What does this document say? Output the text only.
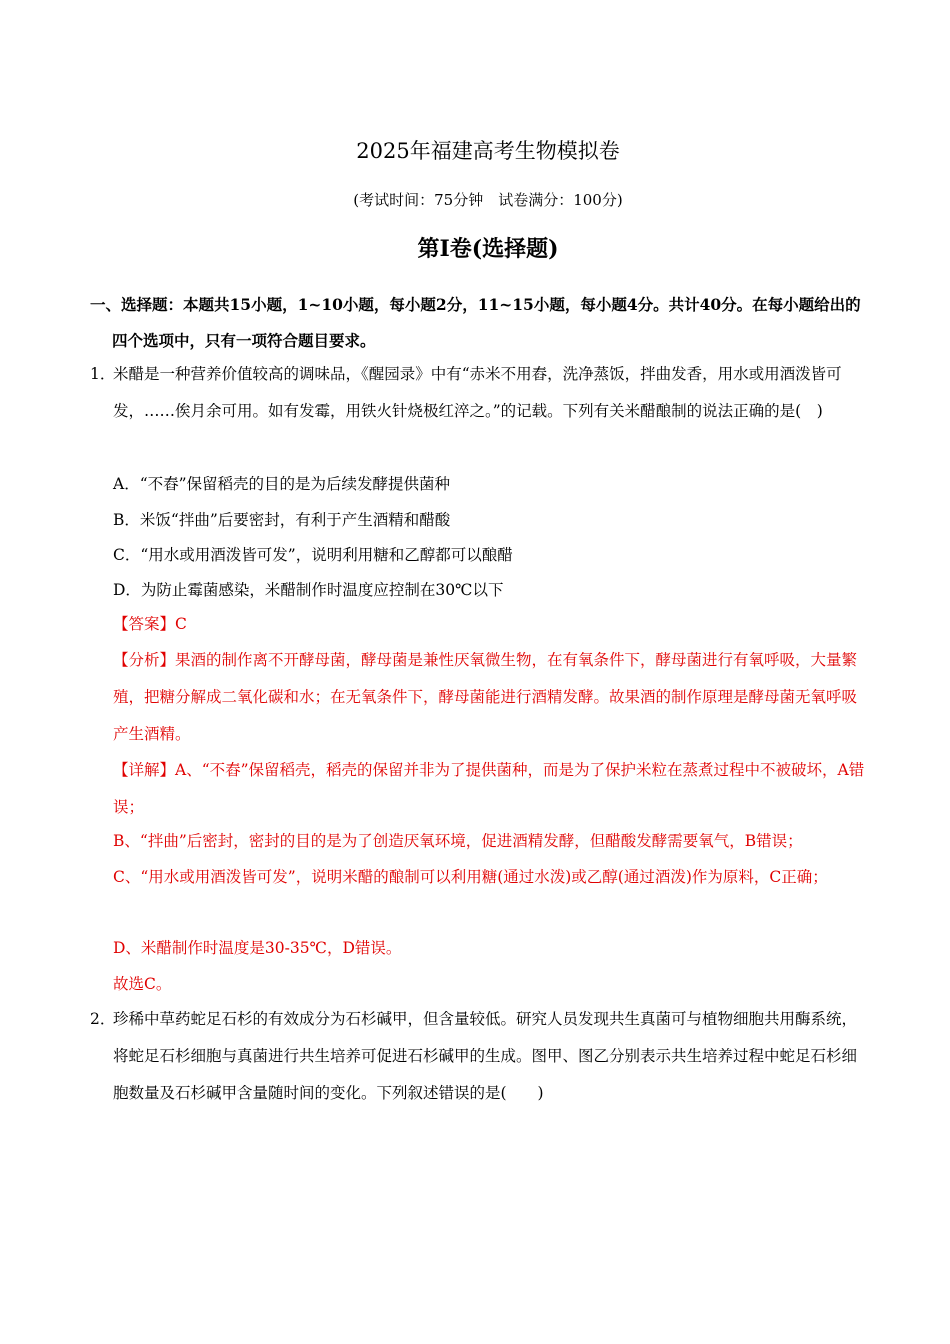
2025年福建高考生物模拟卷
(考试时间：75分钟　试卷满分：100分)
第I卷(选择题)
一、选择题：本题共15小题，1~10小题，每小题2分，11~15小题，每小题4分。共计40分。在每小题给出的四个选项中，只有一项符合题目要求。
1．
米醋是一种营养价值较高的调味品，《醒园录》中有“赤米不用舂，洗净蒸饭，拌曲发香，用水或用酒泼皆可发，……俟月余可用。如有发霉，用铁火针烧极红淬之。”的记载。下列有关米醋酿制的说法正确的是(　)
A．“不舂”保留稻壳的目的是为后续发酵提供菌种
B．米饭“拌曲”后要密封，有利于产生酒精和醋酸
C．“用水或用酒泼皆可发”，说明利用糖和乙醇都可以酿醋
D．为防止霉菌感染，米醋制作时温度应控制在30℃以下
【答案】C
【分析】果酒的制作离不开酵母菌，酵母菌是兼性厌氧微生物，在有氧条件下，酵母菌进行有氧呼吸，大量繁殖，把糖分解成二氧化碳和水；在无氧条件下，酵母菌能进行酒精发酵。故果酒的制作原理是酵母菌无氧呼吸产生酒精。
【详解】A、“不舂”保留稻壳，稻壳的保留并非为了提供菌种，而是为了保护米粒在蒸煮过程中不被破坏，A错误；
B、“拌曲”后密封，密封的目的是为了创造厌氧环境，促进酒精发酵，但醋酸发酵需要氧气，B错误；
C、“用水或用酒泼皆可发”，说明米醋的酿制可以利用糖(通过水泼)或乙醇(通过酒泼)作为原料，C正确；
D、米醋制作时温度是30-35℃，D错误。
故选C。
2．
珍稀中草药蛇足石杉的有效成分为石杉碱甲，但含量较低。研究人员发现共生真菌可与植物细胞共用酶系统，将蛇足石杉细胞与真菌进行共生培养可促进石杉碱甲的生成。图甲、图乙分别表示共生培养过程中蛇足石杉细胞数量及石杉碱甲含量随时间的变化。下列叙述错误的是(　　)
